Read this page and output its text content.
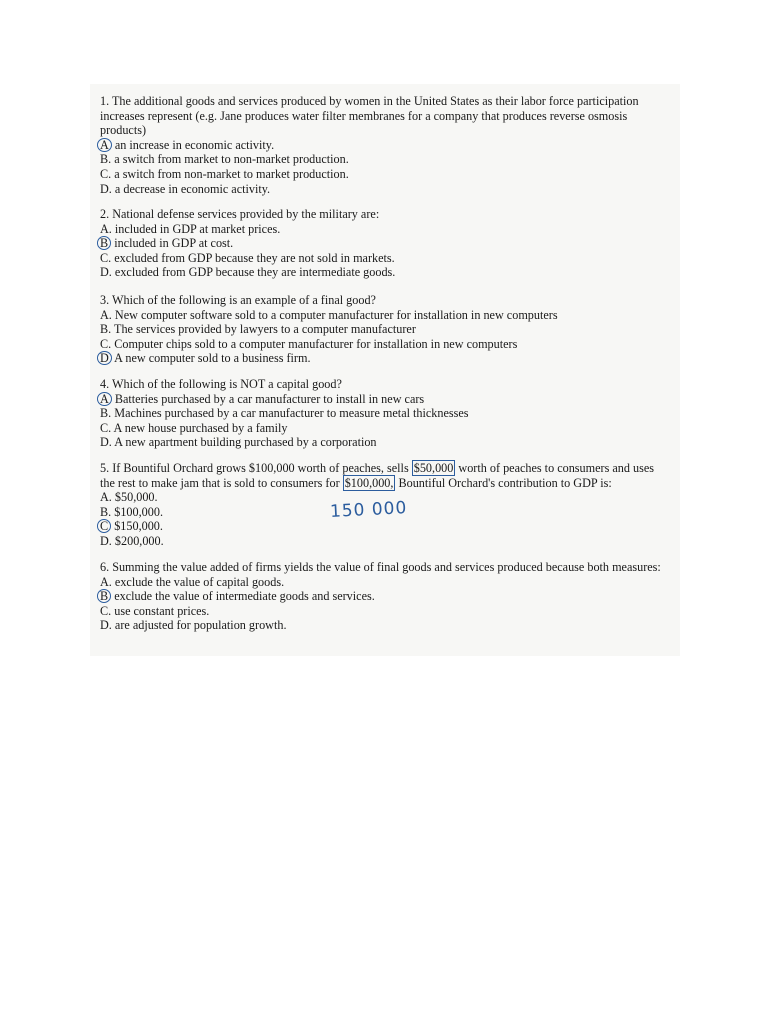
1. The additional goods and services produced by women in the United States as their labor force participation increases represent (e.g. Jane produces water filter membranes for a company that produces reverse osmosis products)
A an increase in economic activity.
B. a switch from market to non-market production.
C. a switch from non-market to market production.
D. a decrease in economic activity.
2. National defense services provided by the military are:
A. included in GDP at market prices.
B included in GDP at cost.
C. excluded from GDP because they are not sold in markets.
D. excluded from GDP because they are intermediate goods.
3. Which of the following is an example of a final good?
A. New computer software sold to a computer manufacturer for installation in new computers
B. The services provided by lawyers to a computer manufacturer
C. Computer chips sold to a computer manufacturer for installation in new computers
D A new computer sold to a business firm.
4. Which of the following is NOT a capital good?
A Batteries purchased by a car manufacturer to install in new cars
B. Machines purchased by a car manufacturer to measure metal thicknesses
C. A new house purchased by a family
D. A new apartment building purchased by a corporation
5. If Bountiful Orchard grows $100,000 worth of peaches, sells $50,000 worth of peaches to consumers and uses the rest to make jam that is sold to consumers for $100,000, Bountiful Orchard's contribution to GDP is:
A. $50,000.
B. $100,000.
C $150,000.
D. $200,000.
150 000
6. Summing the value added of firms yields the value of final goods and services produced because both measures:
A. exclude the value of capital goods.
B exclude the value of intermediate goods and services.
C. use constant prices.
D. are adjusted for population growth.
